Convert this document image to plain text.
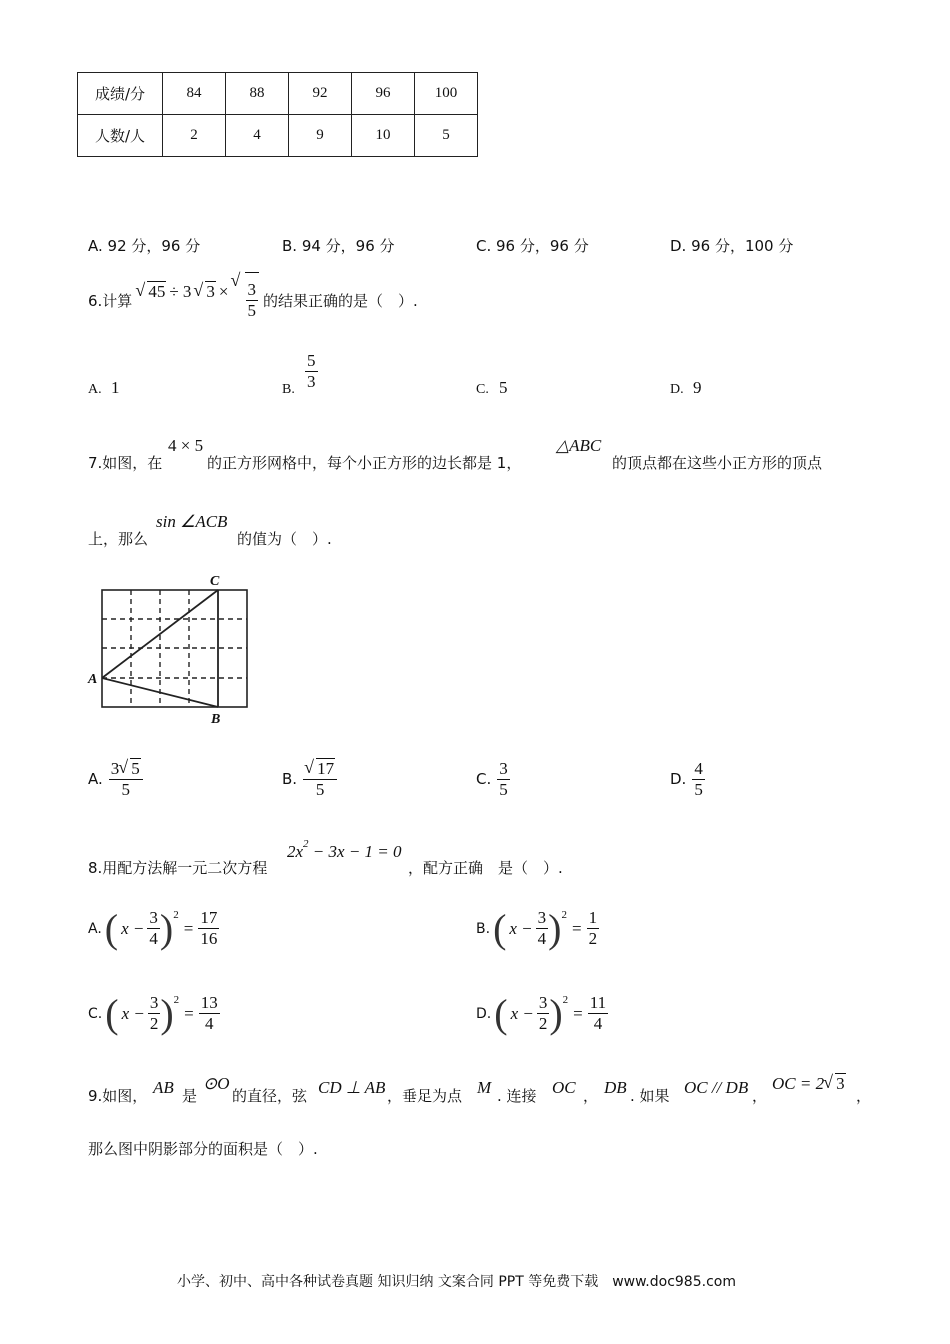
成绩/分	84	88	92	96	100
人数/人	2	4	9	10	5
A. 92 分，96 分	B. 94 分，96 分	C. 96 分，96 分	D. 96 分，100 分
6.计算 √ 45 ÷ 3 √ 3 × √ $\frac{3}{5}$ 的结果正确的是（　）.
A. 1	B. $\frac{5}{3}$	C. 5	D. 9
7.如图，在
4 × 5
的正方形网格中，每个小正方形的边长都是 1，
△ABC
的顶点都在这些小正方形的顶点
上，那么
sin ∠ACB
的值为（　）.
C
A
B
A. $\frac{3 √ 5}{5}$	B. √ $\frac{17}{5}$	C. $\frac{3}{5}$	D. $\frac{4}{5}$
8.用配方法解一元二次方程
$2x^2 - 3x - 1 = 0$
，配方正确　是（　）.
A. ( $x - \frac{3}{4}$ ) 2
= $\frac{17}{16}$	B. ( $x - \frac{3}{4}$ ) 2
= $\frac{1}{2}$
C. ( $x - \frac{3}{2}$ ) 2
= $\frac{13}{4}$	D. ( $x - \frac{3}{2}$ ) 2
= $\frac{11}{4}$
9.如图， AB 是
⊙O
的直径，弦 CD ⊥ AB ，垂足为点 M . 连接 OC ， DB . 如果 OC // DB ，
OC = 2 √ 3
，
那么图中阴影部分的面积是（　）.
小学、初中、高中各种试卷真题 知识归纳 文案合同 PPT 等免费下载　www.doc985.com
